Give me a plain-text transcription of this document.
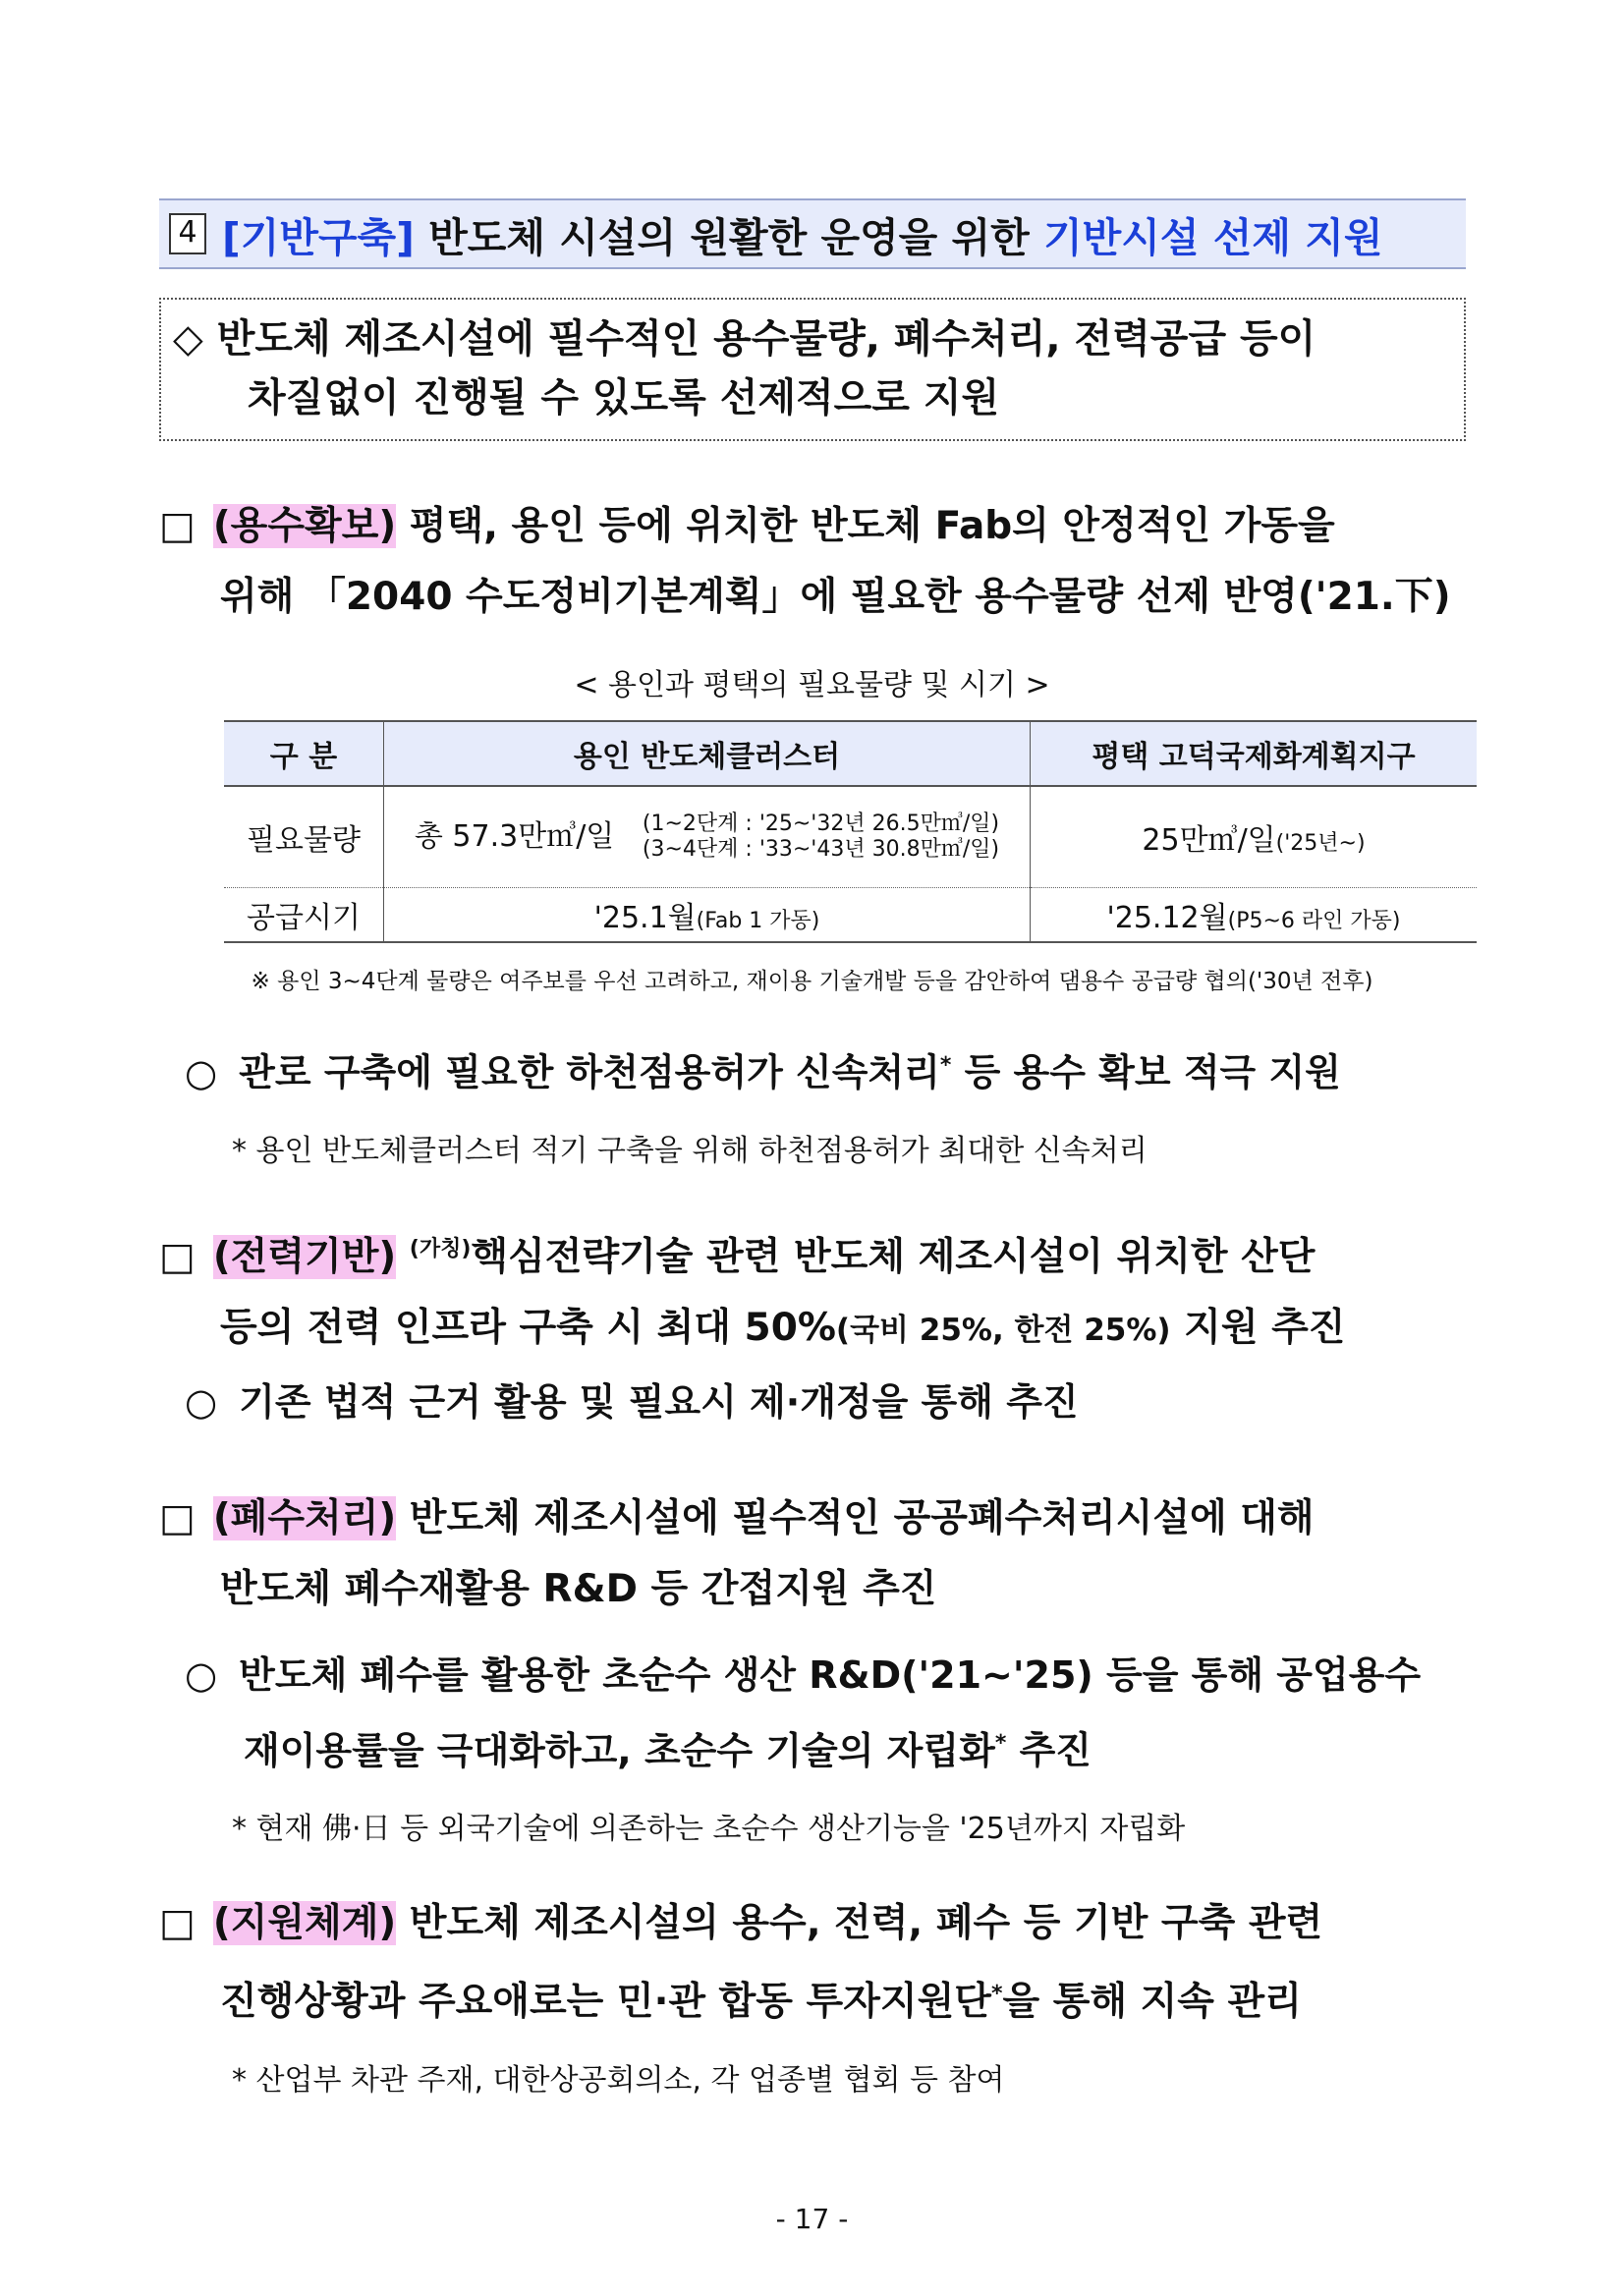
4 [기반구축]
반도체 시설의 원활한 운영을 위한
기반시설 선제 지원
◇ 반도체 제조시설에 필수적인 용수물량, 폐수처리, 전력공급 등이
차질없이 진행될 수 있도록 선제적으로 지원
□ (용수확보) 평택, 용인 등에 위치한 반도체 Fab의 안정적인 가동을
위해 「2040 수도정비기본계획」에 필요한 용수물량 선제 반영('21.下)
< 용인과 평택의 필요물량 및 시기 >
구 분	용인 반도체클러스터	평택 고덕국제화계획지구
필요물량	총 57.3만㎥/일 (1~2단계 : '25~'32년 26.5만㎥/일)
(3~4단계 : '33~'43년 30.8만㎥/일)	25만㎥/일('25년~)
공급시기	'25.1월(Fab 1 가동)	'25.12월(P5~6 라인 가동)
※ 용인 3~4단계 물량은 여주보를 우선 고려하고, 재이용 기술개발 등을 감안하여 댐용수 공급량 협의('30년 전후)
○ 관로 구축에 필요한 하천점용허가 신속처리* 등 용수 확보 적극 지원
* 용인 반도체클러스터 적기 구축을 위해 하천점용허가 최대한 신속처리
□ (전력기반) $^{(가칭)}$핵심전략기술 관련 반도체 제조시설이 위치한 산단
등의 전력 인프라 구축 시 최대 50%(국비 25%, 한전 25%) 지원 추진
○ 기존 법적 근거 활용 및 필요시 제·개정을 통해 추진
□ (폐수처리) 반도체 제조시설에 필수적인 공공폐수처리시설에 대해
반도체 폐수재활용 R&D 등 간접지원 추진
○ 반도체 폐수를 활용한 초순수 생산 R&D('21~'25) 등을 통해 공업용수
재이용률을 극대화하고, 초순수 기술의 자립화* 추진
* 현재 佛·日 등 외국기술에 의존하는 초순수 생산기능을 '25년까지 자립화
□ (지원체계) 반도체 제조시설의 용수, 전력, 폐수 등 기반 구축 관련
진행상황과 주요애로는 민·관 합동 투자지원단*을 통해 지속 관리
* 산업부 차관 주재, 대한상공회의소, 각 업종별 협회 등 참여
- 17 -
